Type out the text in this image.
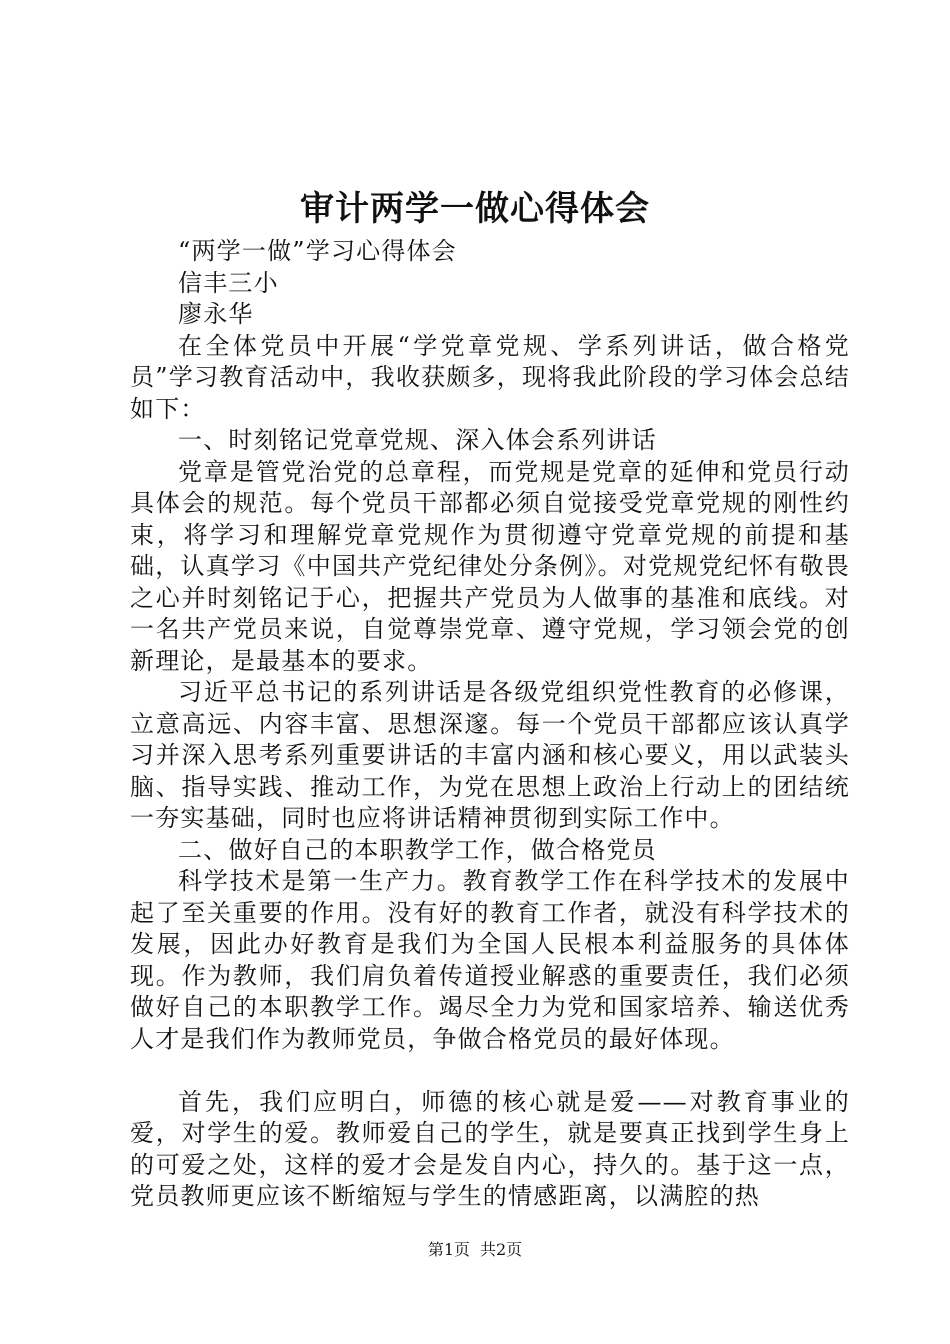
审计两学一做心得体会

“两学一做”学习心得体会

信丰三小

廖永华

在全体党员中开展“学党章党规、学系列讲话，做合格党员”学习教育活动中，我收获颇多，现将我此阶段的学习体会总结如下：

一、时刻铭记党章党规、深入体会系列讲话

党章是管党治党的总章程，而党规是党章的延伸和党员行动具体会的规范。每个党员干部都必须自觉接受党章党规的刚性约束，将学习和理解党章党规作为贯彻遵守党章党规的前提和基础，认真学习《中国共产党纪律处分条例》。对党规党纪怀有敬畏之心并时刻铭记于心，把握共产党员为人做事的基准和底线。对一名共产党员来说，自觉尊崇党章、遵守党规，学习领会党的创新理论，是最基本的要求。

习近平总书记的系列讲话是各级党组织党性教育的必修课，立意高远、内容丰富、思想深邃。每一个党员干部都应该认真学习并深入思考系列重要讲话的丰富内涵和核心要义，用以武装头脑、指导实践、推动工作，为党在思想上政治上行动上的团结统一夯实基础，同时也应将讲话精神贯彻到实际工作中。

二、做好自己的本职教学工作，做合格党员

科学技术是第一生产力。教育教学工作在科学技术的发展中起了至关重要的作用。没有好的教育工作者，就没有科学技术的发展，因此办好教育是我们为全国人民根本利益服务的具体体现。作为教师，我们肩负着传道授业解惑的重要责任，我们必须做好自己的本职教学工作。竭尽全力为党和国家培养、输送优秀人才是我们作为教师党员，争做合格党员的最好体现。

首先，我们应明白，师德的核心就是爱——对教育事业的爱，对学生的爱。教师爱自己的学生，就是要真正找到学生身上的可爱之处，这样的爱才会是发自内心，持久的。基于这一点，党员教师更应该不断缩短与学生的情感距离，以满腔的热

第1页 共2页
